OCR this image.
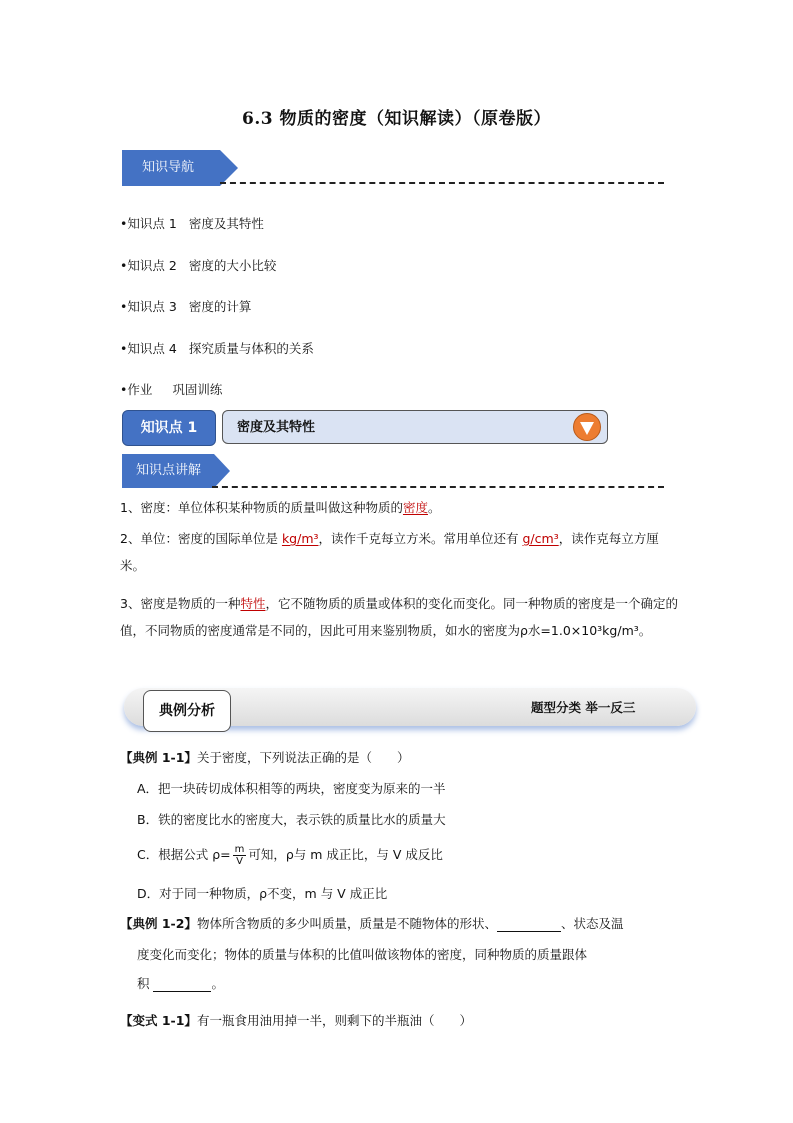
6.3 物质的密度（知识解读）（原卷版）
知识导航
•知识点 1 密度及其特性
•知识点 2 密度的大小比较
•知识点 3 密度的计算
•知识点 4 探究质量与体积的关系
•作业 巩固训练
知识点 1	密度及其特性
知识点讲解
1、密度：单位体积某种物质的质量叫做这种物质的密度。
2、单位：密度的国际单位是 kg/m³，读作千克每立方米。常用单位还有 g/cm³，读作克每立方厘米。
3、密度是物质的一种特性，它不随物质的质量或体积的变化而变化。同一种物质的密度是一个确定的值，不同物质的密度通常是不同的，因此可用来鉴别物质，如水的密度为ρ水=1.0×10³kg/m³。
典例分析	题型分类 举一反三
【典例 1-1】关于密度，下列说法正确的是（　　）
A．把一块砖切成体积相等的两块，密度变为原来的一半
B．铁的密度比水的密度大，表示铁的质量比水的质量大
C．根据公式 $\rho= \frac{m}{V}$ 可知，ρ与 m 成正比，与 V 成反比
D．对于同一种物质，ρ不变，m 与 V 成正比
【典例 1-2】物体所含物质的多少叫质量，质量是不随物体的形状、	、状态及温
度变化而变化；物体的质量与体积的比值叫做该物体的密度，同种物质的质量跟体
积	。
【变式 1-1】有一瓶食用油用掉一半，则剩下的半瓶油（　　）
